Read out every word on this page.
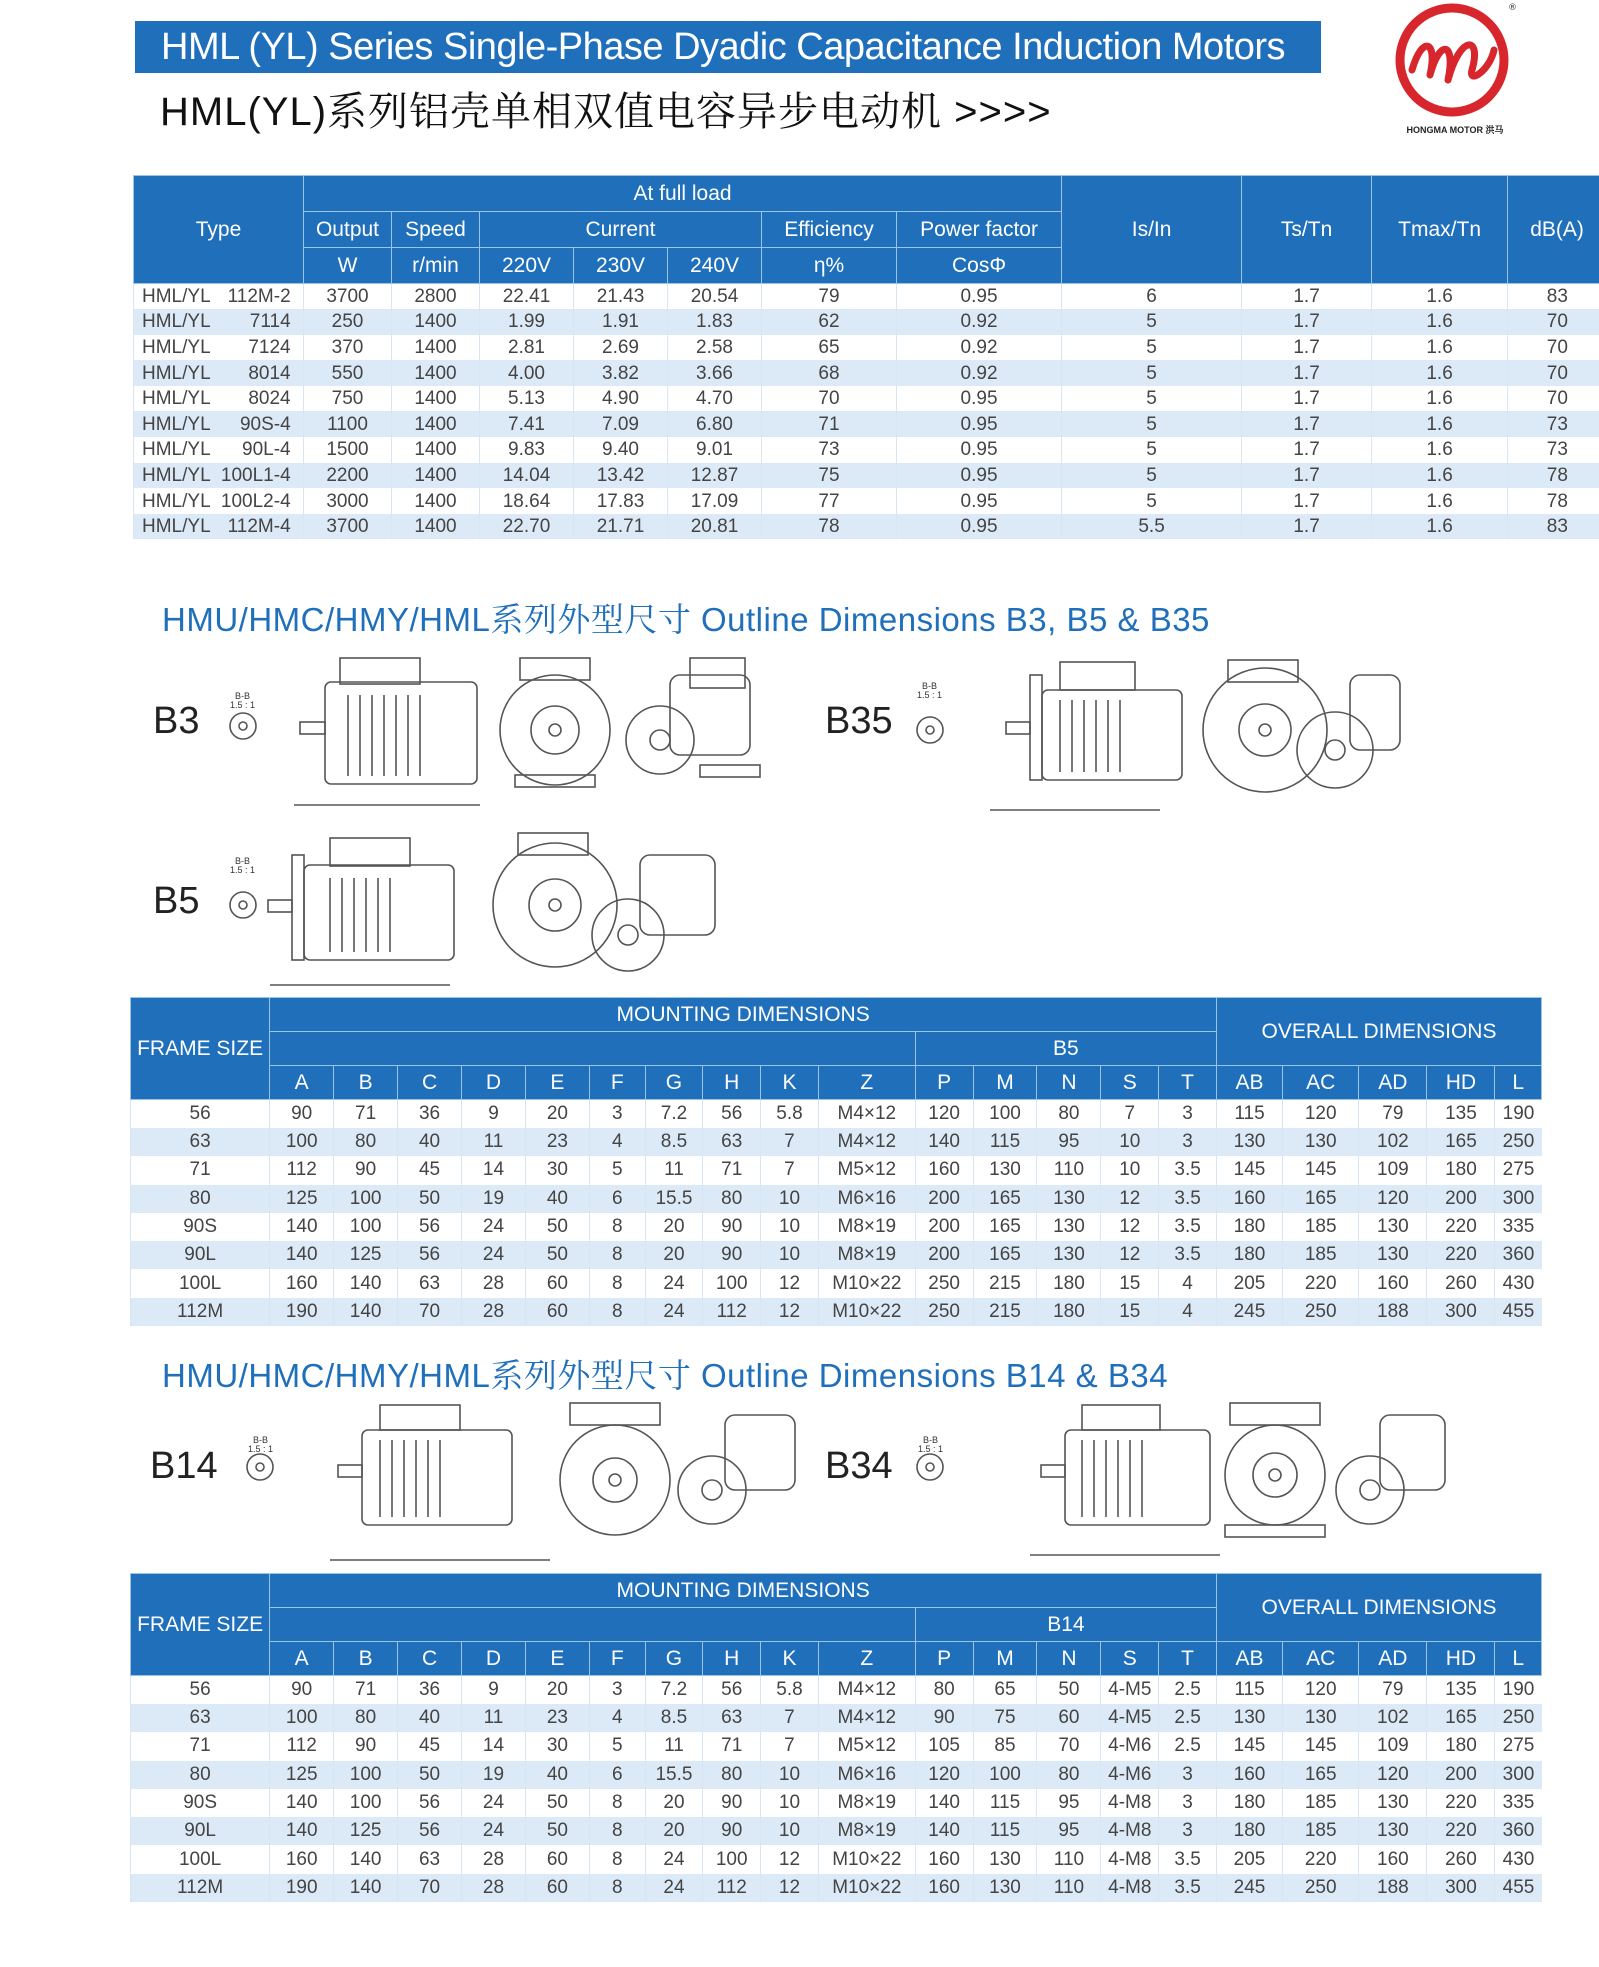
HML (YL) Series Single-Phase Dyadic Capacitance Induction Motors
HML(YL)系列铝壳单相双值电容异步电动机 >>>>
®
HONGMA MOTOR 洪马
Type	At full load							Is/In	Ts/Tn	Tmax/Tn	dB(A)
	Output	Speed	Current			Efficiency	Power factor				
	W	r/min	220V	230V	240V	η%	CosΦ				
HML/YL 112M-2	3700	2800	22.41	21.43	20.54	79	0.95	6	1.7	1.6	83
HML/YL 7114	250	1400	1.99	1.91	1.83	62	0.92	5	1.7	1.6	70
HML/YL 7124	370	1400	2.81	2.69	2.58	65	0.92	5	1.7	1.6	70
HML/YL 8014	550	1400	4.00	3.82	3.66	68	0.92	5	1.7	1.6	70
HML/YL 8024	750	1400	5.13	4.90	4.70	70	0.95	5	1.7	1.6	70
HML/YL 90S-4	1100	1400	7.41	7.09	6.80	71	0.95	5	1.7	1.6	73
HML/YL 90L-4	1500	1400	9.83	9.40	9.01	73	0.95	5	1.7	1.6	73
HML/YL 100L1-4	2200	1400	14.04	13.42	12.87	75	0.95	5	1.7	1.6	78
HML/YL 100L2-4	3000	1400	18.64	17.83	17.09	77	0.95	5	1.7	1.6	78
HML/YL 112M-4	3700	1400	22.70	21.71	20.81	78	0.95	5.5	1.7	1.6	83
HMU/HMC/HMY/HML系列外型尺寸 Outline Dimensions B3, B5 & B35
B3	B35
B5
B-B
1.5 : 1
B-B
1.5 : 1
B-B
1.5 : 1
FRAME SIZE	MOUNTING DIMENSIONS															OVERALL DIMENSIONS				
											B5									
	A	B	C	D	E	F	G	H	K	Z	P	M	N	S	T	AB	AC	AD	HD	L
56	90	71	36	9	20	3	7.2	56	5.8	M4×12	120	100	80	7	3	115	120	79	135	190
63	100	80	40	11	23	4	8.5	63	7	M4×12	140	115	95	10	3	130	130	102	165	250
71	112	90	45	14	30	5	11	71	7	M5×12	160	130	110	10	3.5	145	145	109	180	275
80	125	100	50	19	40	6	15.5	80	10	M6×16	200	165	130	12	3.5	160	165	120	200	300
90S	140	100	56	24	50	8	20	90	10	M8×19	200	165	130	12	3.5	180	185	130	220	335
90L	140	125	56	24	50	8	20	90	10	M8×19	200	165	130	12	3.5	180	185	130	220	360
100L	160	140	63	28	60	8	24	100	12	M10×22	250	215	180	15	4	205	220	160	260	430
112M	190	140	70	28	60	8	24	112	12	M10×22	250	215	180	15	4	245	250	188	300	455
HMU/HMC/HMY/HML系列外型尺寸 Outline Dimensions B14 & B34
B14	B34
B-B
1.5 : 1
B-B
1.5 : 1
FRAME SIZE	MOUNTING DIMENSIONS															OVERALL DIMENSIONS				
											B14									
	A	B	C	D	E	F	G	H	K	Z	P	M	N	S	T	AB	AC	AD	HD	L
56	90	71	36	9	20	3	7.2	56	5.8	M4×12	80	65	50	4-M5	2.5	115	120	79	135	190
63	100	80	40	11	23	4	8.5	63	7	M4×12	90	75	60	4-M5	2.5	130	130	102	165	250
71	112	90	45	14	30	5	11	71	7	M5×12	105	85	70	4-M6	2.5	145	145	109	180	275
80	125	100	50	19	40	6	15.5	80	10	M6×16	120	100	80	4-M6	3	160	165	120	200	300
90S	140	100	56	24	50	8	20	90	10	M8×19	140	115	95	4-M8	3	180	185	130	220	335
90L	140	125	56	24	50	8	20	90	10	M8×19	140	115	95	4-M8	3	180	185	130	220	360
100L	160	140	63	28	60	8	24	100	12	M10×22	160	130	110	4-M8	3.5	205	220	160	260	430
112M	190	140	70	28	60	8	24	112	12	M10×22	160	130	110	4-M8	3.5	245	250	188	300	455
